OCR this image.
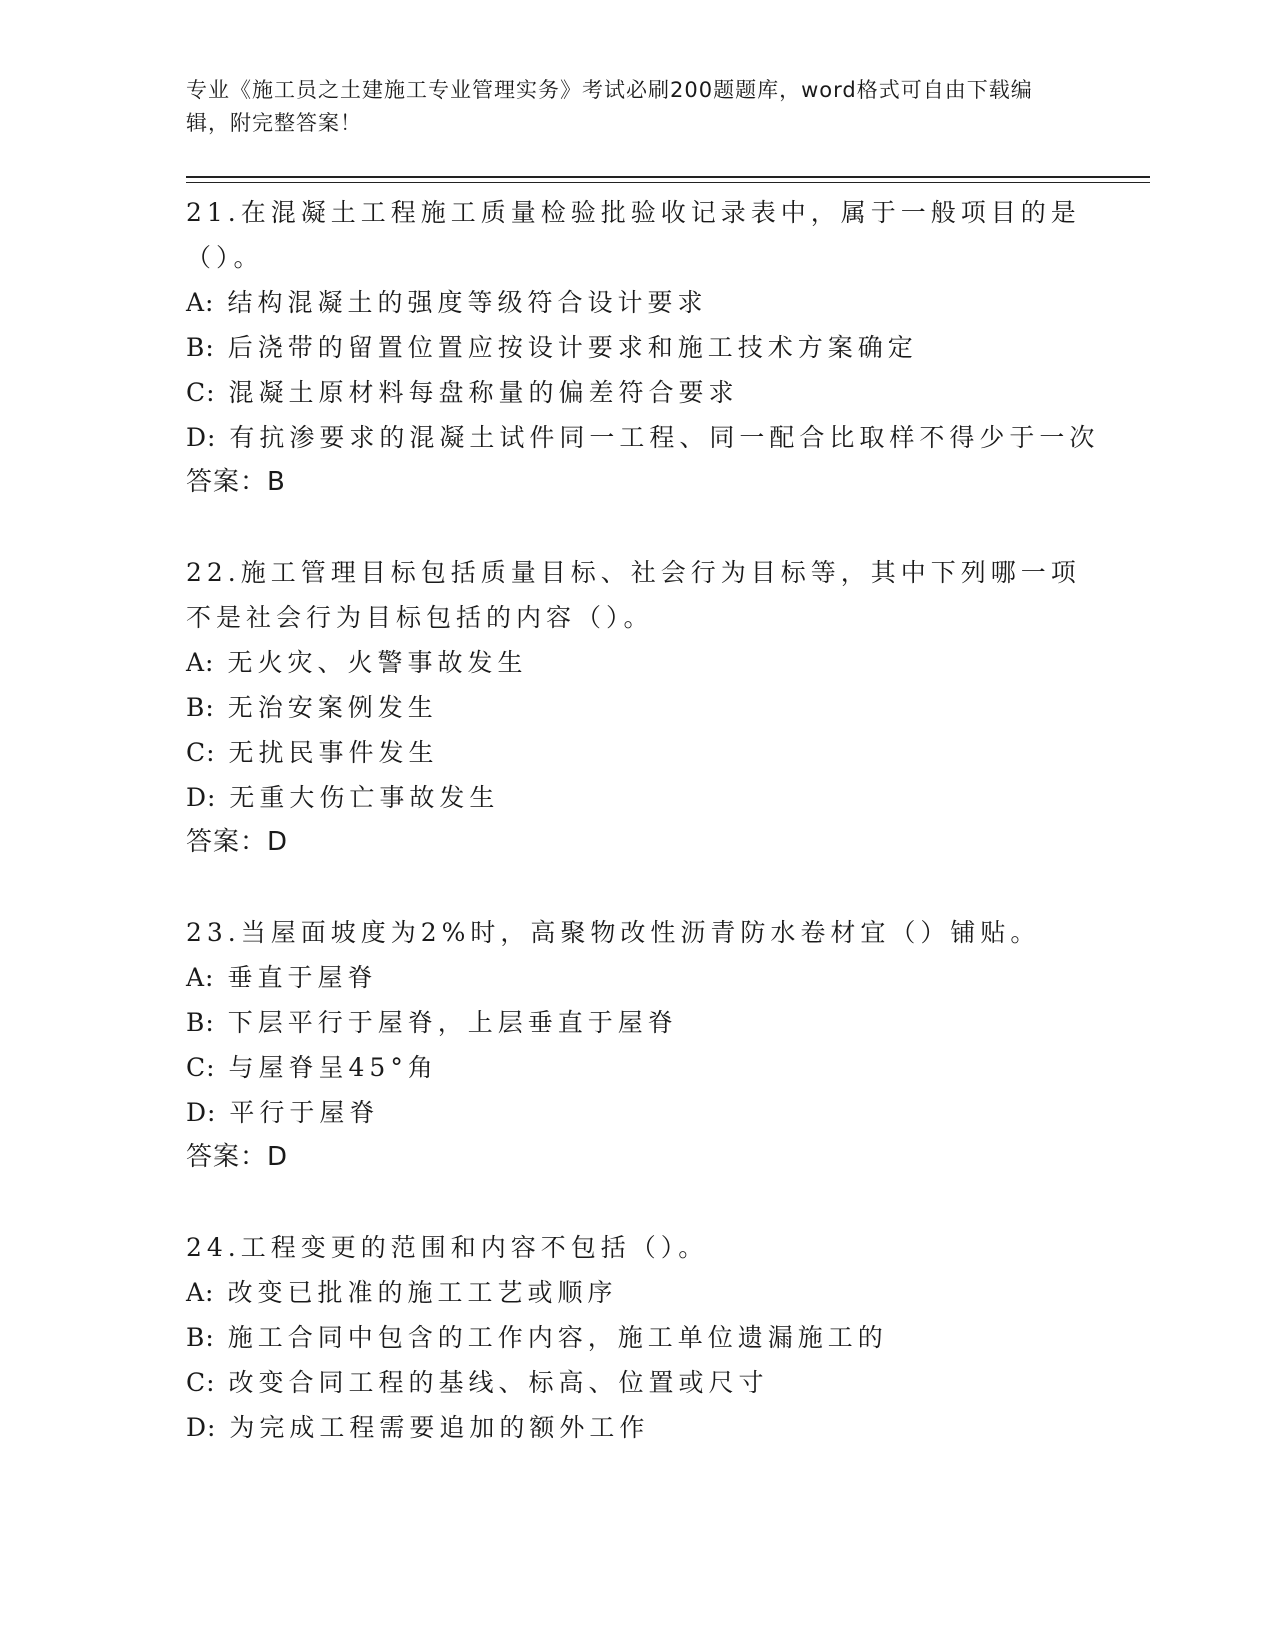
专业《施工员之土建施工专业管理实务》考试必刷200题题库，word格式可自由下载编辑，附完整答案！

21.在混凝土工程施工质量检验批验收记录表中，属于一般项目的是（）。

A: 结构混凝土的强度等级符合设计要求

B: 后浇带的留置位置应按设计要求和施工技术方案确定

C: 混凝土原材料每盘称量的偏差符合要求

D: 有抗渗要求的混凝土试件同一工程、同一配合比取样不得少于一次

答案：B

22.施工管理目标包括质量目标、社会行为目标等，其中下列哪一项不是社会行为目标包括的内容（）。

A: 无火灾、火警事故发生

B: 无治安案例发生

C: 无扰民事件发生

D: 无重大伤亡事故发生

答案：D

23.当屋面坡度为2%时，高聚物改性沥青防水卷材宜（）铺贴。

A: 垂直于屋脊

B: 下层平行于屋脊，上层垂直于屋脊

C: 与屋脊呈45°角

D: 平行于屋脊

答案：D

24.工程变更的范围和内容不包括（）。

A: 改变已批准的施工工艺或顺序

B: 施工合同中包含的工作内容，施工单位遗漏施工的

C: 改变合同工程的基线、标高、位置或尺寸

D: 为完成工程需要追加的额外工作
